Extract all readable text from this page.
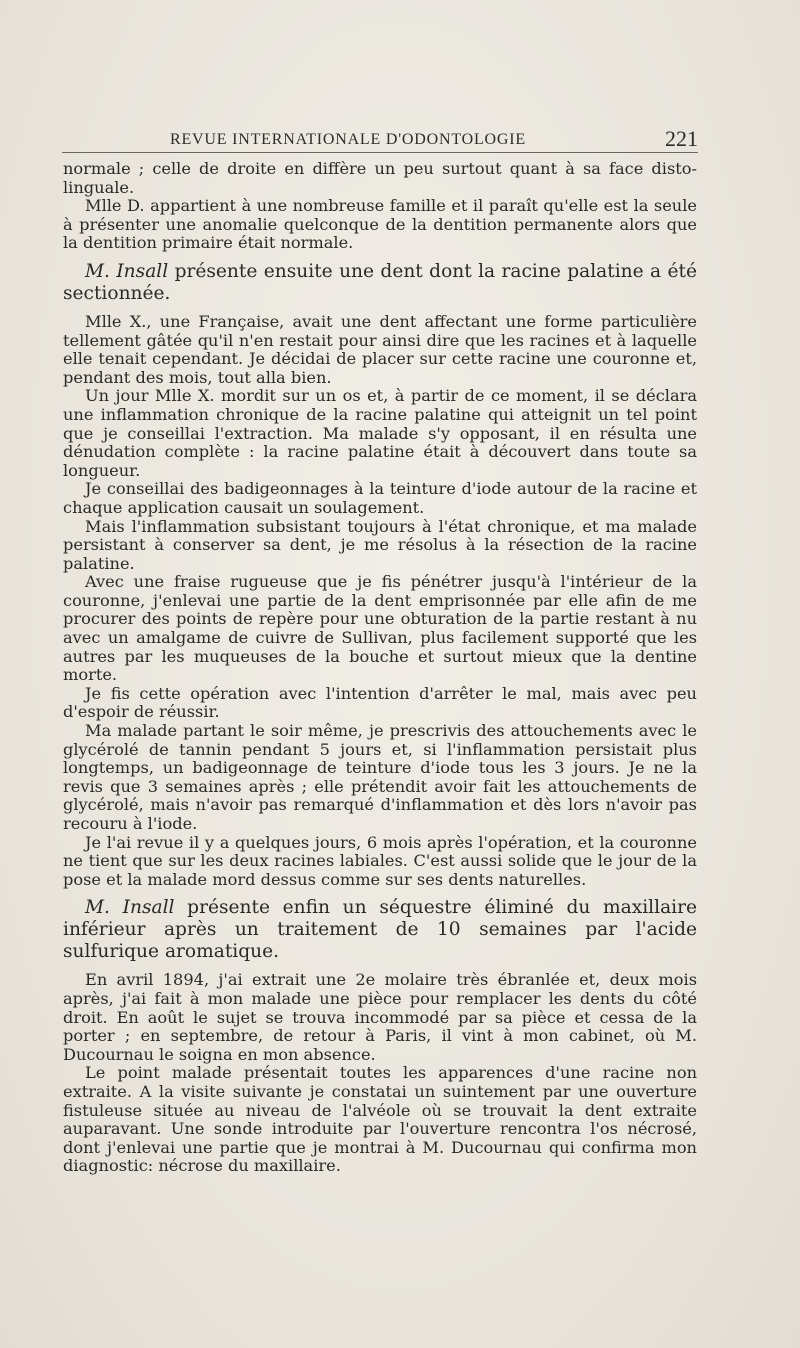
REVUE INTERNATIONALE D'ODONTOLOGIE	221

normale ; celle de droite en diffère un peu surtout quant à sa face disto-linguale.

Mlle D. appartient à une nombreuse famille et il paraît qu'elle est la seule à présenter une anomalie quelconque de la dentition permanente alors que la dentition primaire était normale.

M. Insall présente ensuite une dent dont la racine palatine a été sectionnée.

Mlle X., une Française, avait une dent affectant une forme particulière tellement gâtée qu'il n'en restait pour ainsi dire que les racines et à laquelle elle tenait cependant. Je décidai de placer sur cette racine une couronne et, pendant des mois, tout alla bien.

Un jour Mlle X. mordit sur un os et, à partir de ce moment, il se déclara une inflammation chronique de la racine palatine qui atteignit un tel point que je conseillai l'extraction. Ma malade s'y opposant, il en résulta une dénudation complète : la racine palatine était à découvert dans toute sa longueur.

Je conseillai des badigeonnages à la teinture d'iode autour de la racine et chaque application causait un soulagement.

Mais l'inflammation subsistant toujours à l'état chronique, et ma malade persistant à conserver sa dent, je me résolus à la résection de la racine palatine.

Avec une fraise rugueuse que je fis pénétrer jusqu'à l'intérieur de la couronne, j'enlevai une partie de la dent emprisonnée par elle afin de me procurer des points de repère pour une obturation de la partie restant à nu avec un amalgame de cuivre de Sullivan, plus facilement supporté que les autres par les muqueuses de la bouche et surtout mieux que la dentine morte.

Je fis cette opération avec l'intention d'arrêter le mal, mais avec peu d'espoir de réussir.

Ma malade partant le soir même, je prescrivis des attouchements avec le glycérolé de tannin pendant 5 jours et, si l'inflammation persistait plus longtemps, un badigeonnage de teinture d'iode tous les 3 jours. Je ne la revis que 3 semaines après ; elle prétendit avoir fait les attouchements de glycérolé, mais n'avoir pas remarqué d'inflammation et dès lors n'avoir pas recouru à l'iode.

Je l'ai revue il y a quelques jours, 6 mois après l'opération, et la couronne ne tient que sur les deux racines labiales. C'est aussi solide que le jour de la pose et la malade mord dessus comme sur ses dents naturelles.

M. Insall présente enfin un séquestre éliminé du maxillaire inférieur après un traitement de 10 semaines par l'acide sulfurique aromatique.

En avril 1894, j'ai extrait une 2e molaire très ébranlée et, deux mois après, j'ai fait à mon malade une pièce pour remplacer les dents du côté droit. En août le sujet se trouva incommodé par sa pièce et cessa de la porter ; en septembre, de retour à Paris, il vint à mon cabinet, où M. Ducournau le soigna en mon absence.

Le point malade présentait toutes les apparences d'une racine non extraite. A la visite suivante je constatai un suintement par une ouverture fistuleuse située au niveau de l'alvéole où se trouvait la dent extraite auparavant. Une sonde introduite par l'ouverture rencontra l'os nécrosé, dont j'enlevai une partie que je montrai à M. Ducournau qui confirma mon diagnostic: nécrose du maxillaire.
